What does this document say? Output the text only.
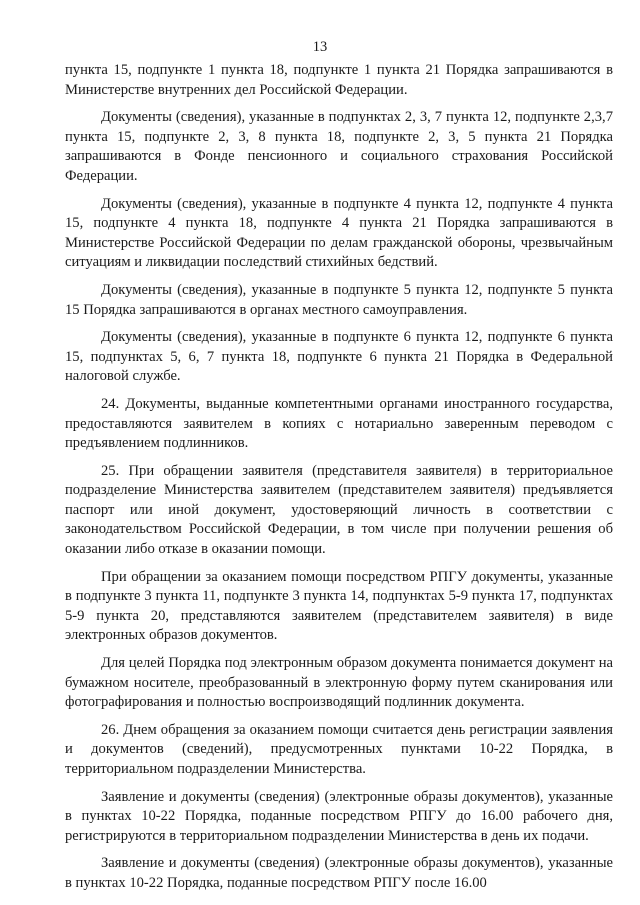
13

пункта 15, подпункте 1 пункта 18, подпункте 1 пункта 21 Порядка запрашиваются в Министерстве внутренних дел Российской Федерации.

Документы (сведения), указанные в подпунктах 2, 3, 7 пункта 12, подпункте 2,3,7 пункта 15, подпункте 2, 3, 8 пункта 18, подпункте 2, 3, 5 пункта 21 Порядка запрашиваются в Фонде пенсионного и социального страхования Российской Федерации.

Документы (сведения), указанные в подпункте 4 пункта 12, подпункте 4 пункта 15, подпункте 4 пункта 18, подпункте 4 пункта 21 Порядка запрашиваются в Министерстве Российской Федерации по делам гражданской обороны, чрезвычайным ситуациям и ликвидации последствий стихийных бедствий.

Документы (сведения), указанные в подпункте 5 пункта 12, подпункте 5 пункта 15 Порядка запрашиваются в органах местного самоуправления.

Документы (сведения), указанные в подпункте 6 пункта 12, подпункте 6 пункта 15, подпунктах 5, 6, 7 пункта 18, подпункте 6 пункта 21 Порядка в Федеральной налоговой службе.

24. Документы, выданные компетентными органами иностранного государства, предоставляются заявителем в копиях с нотариально заверенным переводом с предъявлением подлинников.

25. При обращении заявителя (представителя заявителя) в территориальное подразделение Министерства заявителем (представителем заявителя) предъявляется паспорт или иной документ, удостоверяющий личность в соответствии с законодательством Российской Федерации, в том числе при получении решения об оказании либо отказе в оказании помощи.

При обращении за оказанием помощи посредством РПГУ документы, указанные в подпункте 3 пункта 11, подпункте 3 пункта 14, подпунктах 5-9 пункта 17, подпунктах 5-9 пункта 20, представляются заявителем (представителем заявителя) в виде электронных образов документов.

Для целей Порядка под электронным образом документа понимается документ на бумажном носителе, преобразованный в электронную форму путем сканирования или фотографирования и полностью воспроизводящий подлинник документа.

26. Днем обращения за оказанием помощи считается день регистрации заявления и документов (сведений), предусмотренных пунктами 10-22 Порядка, в территориальном подразделении Министерства.

Заявление и документы (сведения) (электронные образы документов), указанные в пунктах 10-22 Порядка, поданные посредством РПГУ до 16.00 рабочего дня, регистрируются в территориальном подразделении Министерства в день их подачи.

Заявление и документы (сведения) (электронные образы документов), указанные в пунктах 10-22 Порядка, поданные посредством РПГУ после 16.00
